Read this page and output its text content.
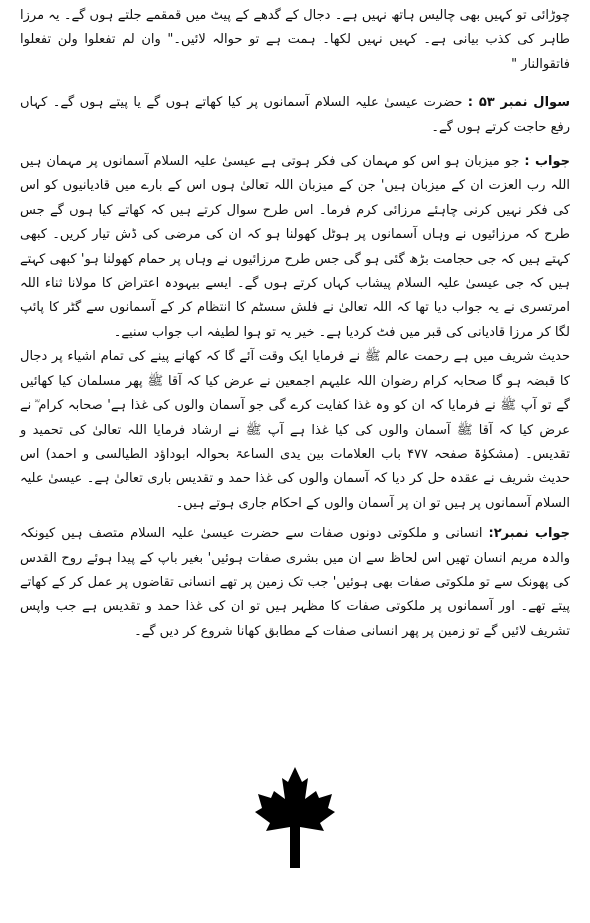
چوڑائی تو کہیں بھی چالیس ہاتھ نہیں ہے۔ دجال کے گدھے کے پیٹ میں قمقمے جلتے ہوں گے۔ یہ مرزا طاہر کی کذب بیانی ہے۔ کہیں نہیں لکھا۔ ہمت ہے تو حوالہ لائیں۔" وان لم تفعلوا ولن تفعلوا فاتقوالنار "

سوال نمبر ۵۳ : حضرت عیسیٰ علیہ السلام آسمانوں پر کیا کھاتے ہوں گے یا پیتے ہوں گے۔ کہاں رفع حاجت کرتے ہوں گے۔

جواب : جو میزبان ہو اس کو مہمان کی فکر ہوتی ہے عیسیٰ علیہ السلام آسمانوں پر مہمان ہیں اللہ رب العزت ان کے میزبان ہیں' جن کے میزبان اللہ تعالیٰ ہوں اس کے بارے میں قادیانیوں کو اس کی فکر نہیں کرنی چاہئے مرزائی کرم فرما۔ اس طرح سوال کرتے ہیں کہ کھاتے کیا ہوں گے جس طرح کہ مرزائیوں نے وہاں آسمانوں پر ہوٹل کھولنا ہو کہ ان کی مرضی کی ڈش تیار کریں۔ کبھی کہتے ہیں کہ جی حجامت بڑھ گئی ہو گی جس طرح مرزائیوں نے وہاں پر حمام کھولنا ہو' کبھی کہتے ہیں کہ جی عیسیٰ علیہ السلام پیشاب کہاں کرتے ہوں گے۔ ایسے بیہودہ اعتراض کا مولانا ثناء اللہ امرتسری نے یہ جواب دیا تھا کہ اللہ تعالیٰ نے فلش سسٹم کا انتظام کر کے آسمانوں سے گٹر کا پائپ لگا کر مرزا قادیانی کی قبر میں فٹ کردیا ہے۔ خیر یہ تو ہوا لطیفہ اب جواب سنیے۔

حدیث شریف میں ہے رحمت عالم ﷺ نے فرمایا ایک وقت آئے گا کہ کھانے پینے کی تمام اشیاء پر دجال کا قبضہ ہو گا صحابہ کرام رضوان اللہ علیہم اجمعین نے عرض کیا کہ آقا ﷺ پھر مسلمان کیا کھائیں گے تو آپ ﷺ نے فرمایا کہ ان کو وہ غذا کفایت کرے گی جو آسمان والوں کی غذا ہے' صحابہ کرام ؓ نے عرض کیا کہ آقا ﷺ آسمان والوں کی کیا غذا ہے آپ ﷺ نے ارشاد فرمایا اللہ تعالیٰ کی تحمید و تقدیس۔ (مشکوٰۃ صفحہ ۴۷۷ باب العلامات بین یدی الساعۃ بحوالہ ابوداؤد الطیالسی و احمد) اس حدیث شریف نے عقدہ حل کر دیا کہ آسمان والوں کی غذا حمد و تقدیس باری تعالیٰ ہے۔ عیسیٰ علیہ السلام آسمانوں پر ہیں تو ان پر آسمان والوں کے احکام جاری ہوتے ہیں۔

جواب نمبر۲: انسانی و ملکوتی دونوں صفات سے حضرت عیسیٰ علیہ السلام متصف ہیں کیونکہ والدہ مریم انسان تھیں اس لحاظ سے ان میں بشری صفات ہوئیں' بغیر باپ کے پیدا ہوئے روح القدس کی پھونک سے تو ملکوتی صفات بھی ہوئیں' جب تک زمین پر تھے انسانی تقاضوں پر عمل کر کے کھاتے پیتے تھے۔ اور آسمانوں پر ملکوتی صفات کا مظہر ہیں تو ان کی غذا حمد و تقدیس ہے جب واپس تشریف لائیں گے تو زمین پر پھر انسانی صفات کے مطابق کھانا شروع کر دیں گے۔
